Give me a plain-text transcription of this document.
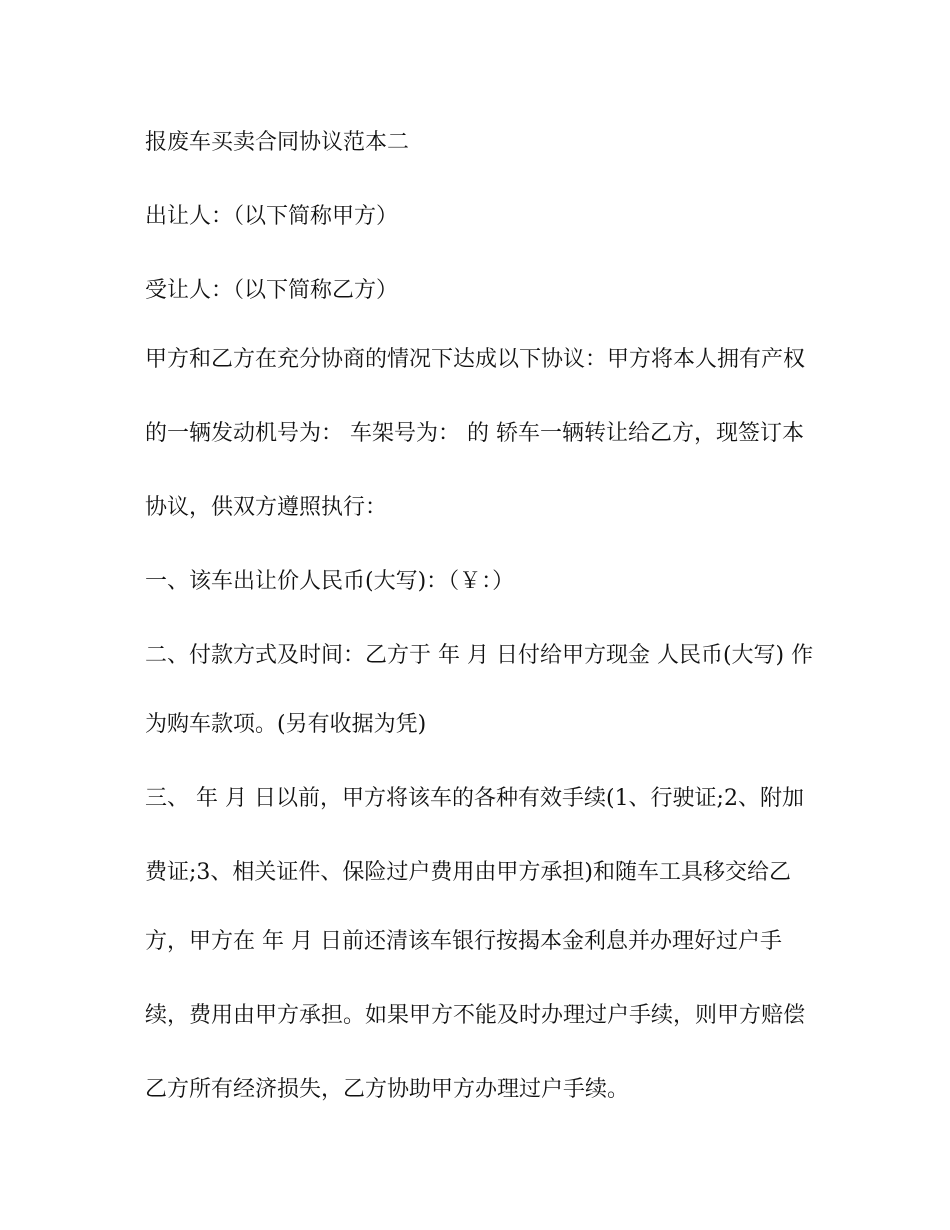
报废车买卖合同协议范本二
出让人：（以下简称甲方）
受让人：（以下简称乙方）
甲方和乙方在充分协商的情况下达成以下协议：甲方将本人拥有产权
的一辆发动机号为： 车架号为： 的 轿车一辆转让给乙方，现签订本
协议，供双方遵照执行：
一、该车出让价人民币(大写)：（￥：）
二、付款方式及时间：乙方于 年 月 日付给甲方现金 人民币(大写) 作
为购车款项。(另有收据为凭)
三、 年 月 日以前，甲方将该车的各种有效手续(1、行驶证;2、附加
费证;3、相关证件、保险过户费用由甲方承担)和随车工具移交给乙
方，甲方在 年 月 日前还清该车银行按揭本金利息并办理好过户手
续，费用由甲方承担。如果甲方不能及时办理过户手续，则甲方赔偿
乙方所有经济损失，乙方协助甲方办理过户手续。
